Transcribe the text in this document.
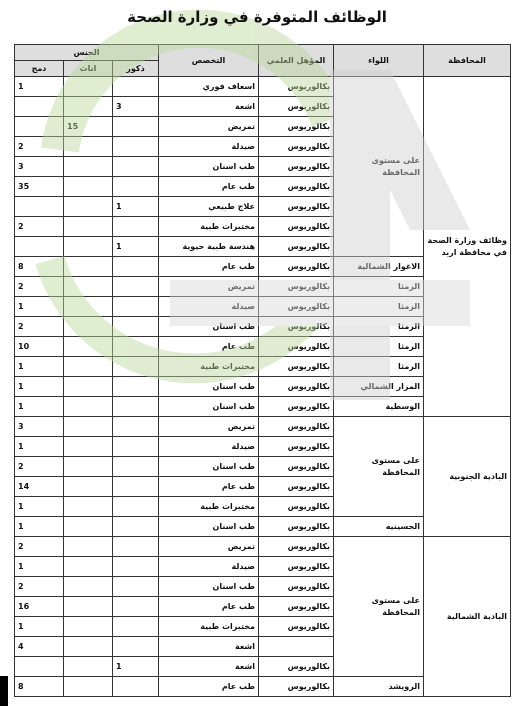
الوظائف المتوفرة في وزارة الصحة
المحافظة	اللواء	المؤهل العلمي	التخصص	الجنس		
				ذكور	اناث	دمج
وظائف وزارة الصحة في محافظة اربد	على مستوى المحافظة	بكالوريوس	اسعاف فوري			1
		بكالوريوس	اشعة	3		
		بكالوريوس	تمريض		15	
		بكالوريوس	صيدلة			2
		بكالوريوس	طب اسنان			3
		بكالوريوس	طب عام			35
		بكالوريوس	علاج طبيعي	1		
		بكالوريوس	مختبرات طبية			2
		بكالوريوس	هندسة طبية حيوية	1		
	الاغوار الشمالية	بكالوريوس	طب عام			8
	الرمثا	بكالوريوس	تمريض			2
	الرمثا	بكالوريوس	صيدلة			1
	الرمثا	بكالوريوس	طب اسنان			2
	الرمثا	بكالوريوس	طب عام			10
	الرمثا	بكالوريوس	مختبرات طبية			1
	المزار الشمالي	بكالوريوس	طب اسنان			1
	الوسطية	بكالوريوس	طب اسنان			1
البادية الجنوبية	على مستوى المحافظة	بكالوريوس	تمريض			3
		بكالوريوس	صيدلة			1
		بكالوريوس	طب اسنان			2
		بكالوريوس	طب عام			14
		بكالوريوس	مختبرات طبية			1
	الحسينيه	بكالوريوس	طب اسنان			1
البادية الشمالية	على مستوى المحافظة	بكالوريوس	تمريض			2
		بكالوريوس	صيدلة			1
		بكالوريوس	طب اسنان			2
		بكالوريوس	طب عام			16
		بكالوريوس	مختبرات طبية			1
			اشعة			4
		بكالوريوس	اشعة	1		
	الرويشد	بكالوريوس	طب عام			8
